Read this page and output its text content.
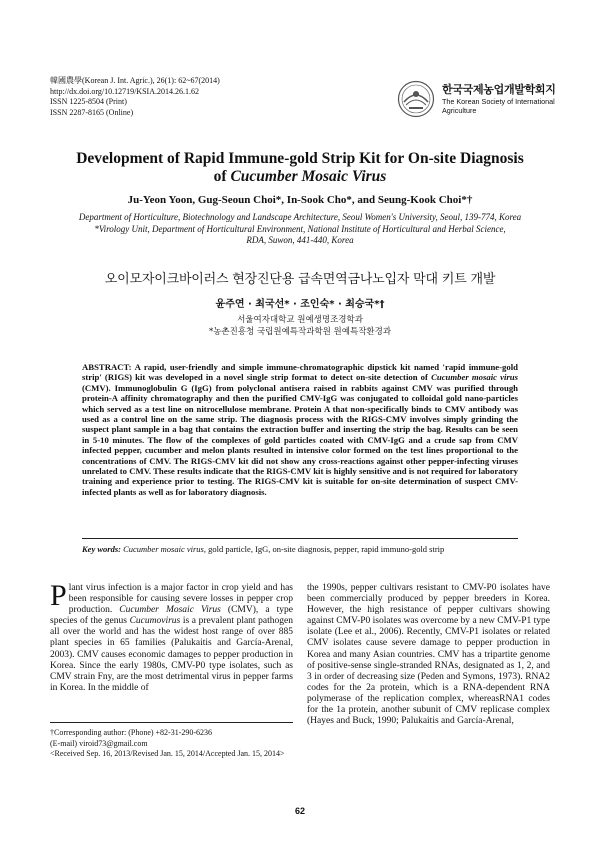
韓國農學(Korean J. Int. Agric.), 26(1): 62~67(2014)
http://dx.doi.org/10.12719/KSIA.2014.26.1.62
ISSN 1225-8504 (Print)
ISSN 2287-8165 (Online)
한국국제농업개발학회지
The Korean Society of International Agriculture
Development of Rapid Immune-gold Strip Kit for On-site Diagnosis
of Cucumber Mosaic Virus
Ju-Yeon Yoon, Gug-Seoun Choi*, In-Sook Cho*, and Seung-Kook Choi*†
Department of Horticulture, Biotechnology and Landscape Architecture, Seoul Women's University, Seoul, 139-774, Korea
*Virology Unit, Department of Horticultural Environment, National Institute of Horticultural and Herbal Science,
RDA, Suwon, 441-440, Korea
오이모자이크바이러스 현장진단용 급속면역금나노입자 막대 키트 개발
윤주연 · 최국선* · 조인숙* · 최승국*†
서울여자대학교 원예생명조경학과
*농촌진흥청 국립원예특작과학원 원예특작환경과
ABSTRACT: A rapid, user-friendly and simple immune-chromatographic dipstick kit named 'rapid immune-gold strip' (RIGS) kit was developed in a novel single strip format to detect on-site detection of Cucumber mosaic virus (CMV). Immunoglobulin G (IgG) from polyclonal antisera raised in rabbits against CMV was purified through protein-A affinity chromatography and then the purified CMV-IgG was conjugated to colloidal gold nano-particles which served as a test line on nitrocellulose membrane. Protein A that non-specifically binds to CMV antibody was used as a control line on the same strip. The diagnosis process with the RIGS-CMV involves simply grinding the suspect plant sample in a bag that contains the extraction buffer and inserting the strip the bag. Results can be seen in 5-10 minutes. The flow of the complexes of gold particles coated with CMV-IgG and a crude sap from CMV infected pepper, cucumber and melon plants resulted in intensive color formed on the test lines proportional to the concentrations of CMV. The RIGS-CMV kit did not show any cross-reactions against other pepper-infecting viruses unrelated to CMV. These results indicate that the RIGS-CMV kit is highly sensitive and is not required for laboratory training and experience prior to testing. The RIGS-CMV kit is suitable for on-site determination of suspect CMV-infected plants as well as for laboratory diagnosis.
Key words: Cucumber mosaic virus, gold particle, IgG, on-site diagnosis, pepper, rapid immuno-gold strip
Plant virus infection is a major factor in crop yield and has been responsible for causing severe losses in pepper crop production. Cucumber Mosaic Virus (CMV), a type species of the genus Cucumovirus is a prevalent plant pathogen all over the world and has the widest host range of over 885 plant species in 65 families (Palukaitis and García-Arenal, 2003). CMV causes economic damages to pepper production in Korea. Since the early 1980s, CMV-P0 type isolates, such as CMV strain Fny, are the most detrimental virus in pepper farms in Korea. In the middle of
the 1990s, pepper cultivars resistant to CMV-P0 isolates have been commercially produced by pepper breeders in Korea. However, the high resistance of pepper cultivars showing against CMV-P0 isolates was overcome by a new CMV-P1 type isolate (Lee et al., 2006). Recently, CMV-P1 isolates or related CMV isolates cause severe damage to pepper production in Korea and many Asian countries. CMV has a tripartite genome of positive-sense single-stranded RNAs, designated as 1, 2, and 3 in order of decreasing size (Peden and Symons, 1973). RNA2 codes for the 2a protein, which is a RNA-dependent RNA polymerase of the replication complex, whereasRNA1 codes for the 1a protein, another subunit of CMV replicase complex (Hayes and Buck, 1990; Palukaitis and García-Arenal,
†Corresponding author: (Phone) +82-31-290-6236
(E-mail) viroid73@gmail.com
<Received Sep. 16, 2013/Revised Jan. 15, 2014/Accepted Jan. 15, 2014>
62
